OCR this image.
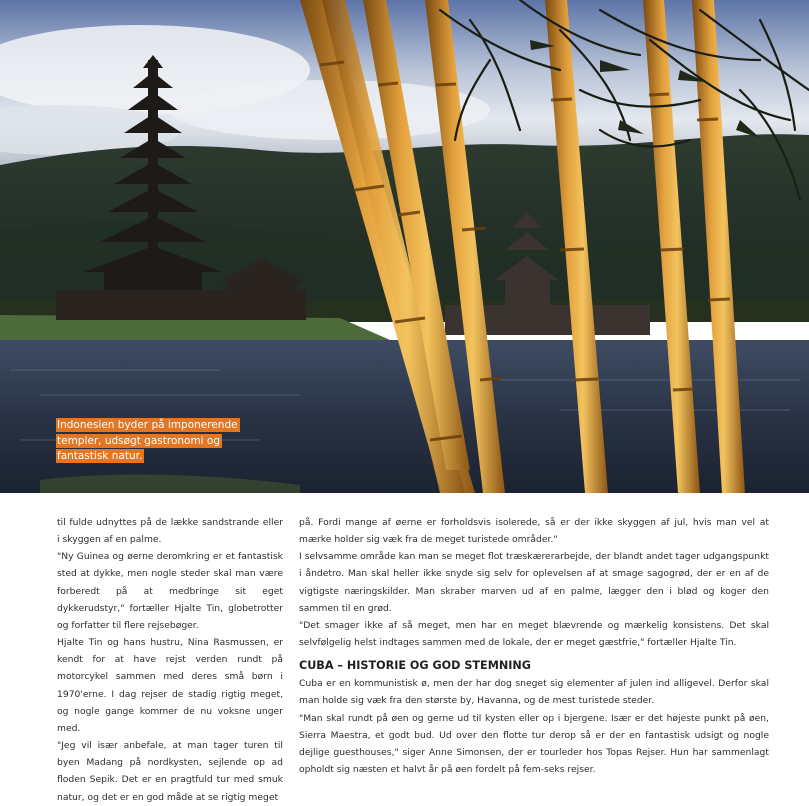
Indonesien byder på imponerende templer, udsøgt gastronomi og fantastisk natur.

til fulde udnyttes på de lække sandstrande eller i skyggen af en palme.

"Ny Guinea og øerne deromkring er et fantastisk sted at dykke, men nogle steder skal man være forberedt på at medbringe sit eget dykkerudstyr," fortæller Hjalte Tin, globetrotter og forfatter til flere rejsebøger.

Hjalte Tin og hans hustru, Nina Rasmussen, er kendt for at have rejst verden rundt på motorcykel sammen med deres små børn i 1970'erne. I dag rejser de stadig rigtig meget, og nogle gange kommer de nu voksne unger med.

"Jeg vil især anbefale, at man tager turen til byen Madang på nordkysten, sejlende op ad floden Sepik. Det er en pragtfuld tur med smuk natur, og det er en god måde at se rigtig meget

på. Fordi mange af øerne er forholdsvis isolerede, så er der ikke skyggen af jul, hvis man vel at mærke holder sig væk fra de meget turistede områder."

I selvsamme område kan man se meget flot træskærerarbejde, der blandt andet tager udgangspunkt i åndetro. Man skal heller ikke snyde sig selv for oplevelsen af at smage sagogrød, der er en af de vigtigste næringskilder. Man skraber marven ud af en palme, lægger den i blød og koger den sammen til en grød.

"Det smager ikke af så meget, men har en meget blævrende og mærkelig konsistens. Det skal selvfølgelig helst indtages sammen med de lokale, der er meget gæstfrie," fortæller Hjalte Tin.

CUBA – HISTORIE OG GOD STEMNING

Cuba er en kommunistisk ø, men der har dog sneget sig elementer af julen ind alligevel. Derfor skal man holde sig væk fra den største by, Havanna, og de mest turistede steder.

"Man skal rundt på øen og gerne ud til kysten eller op i bjergene. Især er det højeste punkt på øen, Sierra Maestra, et godt bud. Ud over den flotte tur derop så er der en fantastisk udsigt og nogle dejlige guesthouses," siger Anne Simonsen, der er tourleder hos Topas Rejser. Hun har sammenlagt opholdt sig næsten et halvt år på øen fordelt på fem-seks rejser.
